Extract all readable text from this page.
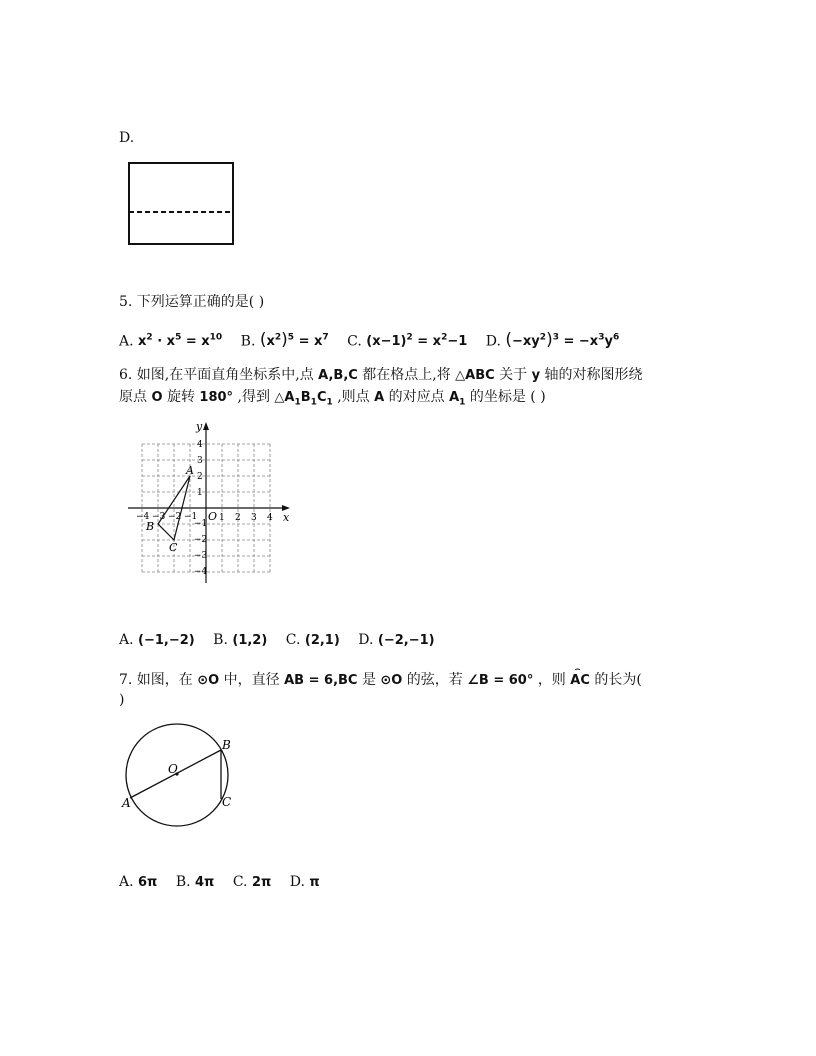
D.
5. 下列运算正确的是( )
A. $x^2 \cdot x^5 = x^{10}$ B. $(x^2)^5 = x^7$ C. $(x-1)^2 = x^2-1$ D. $(-xy^2)^3 = -x^3y^6$
6. 如图,在平面直角坐标系中,点 A,B,C 都在格点上,将 △ABC 关于 y 轴的对称图形绕
原点 O 旋转 180° ,得到 $\triangle A_1B_1C_1$ ,则点 A 的对应点 $A_1$ 的坐标是 ( )
x
y
O 1 2 3 4
−4 −3 −2 −1
4
3
2
1
−1
−2
−3
−4
A
B
C
A. (−1,−2) B. (1,2) C. (2,1) D. (−2,−1)
7. 如图，在 ⊙O 中，直径 AB = 6,BC 是 ⊙O 的弦，若 ∠B = 60° ，则
⌢
AC 的长为(
)
O
A
B
C
A. 6π B. 4π C. 2π D. π
